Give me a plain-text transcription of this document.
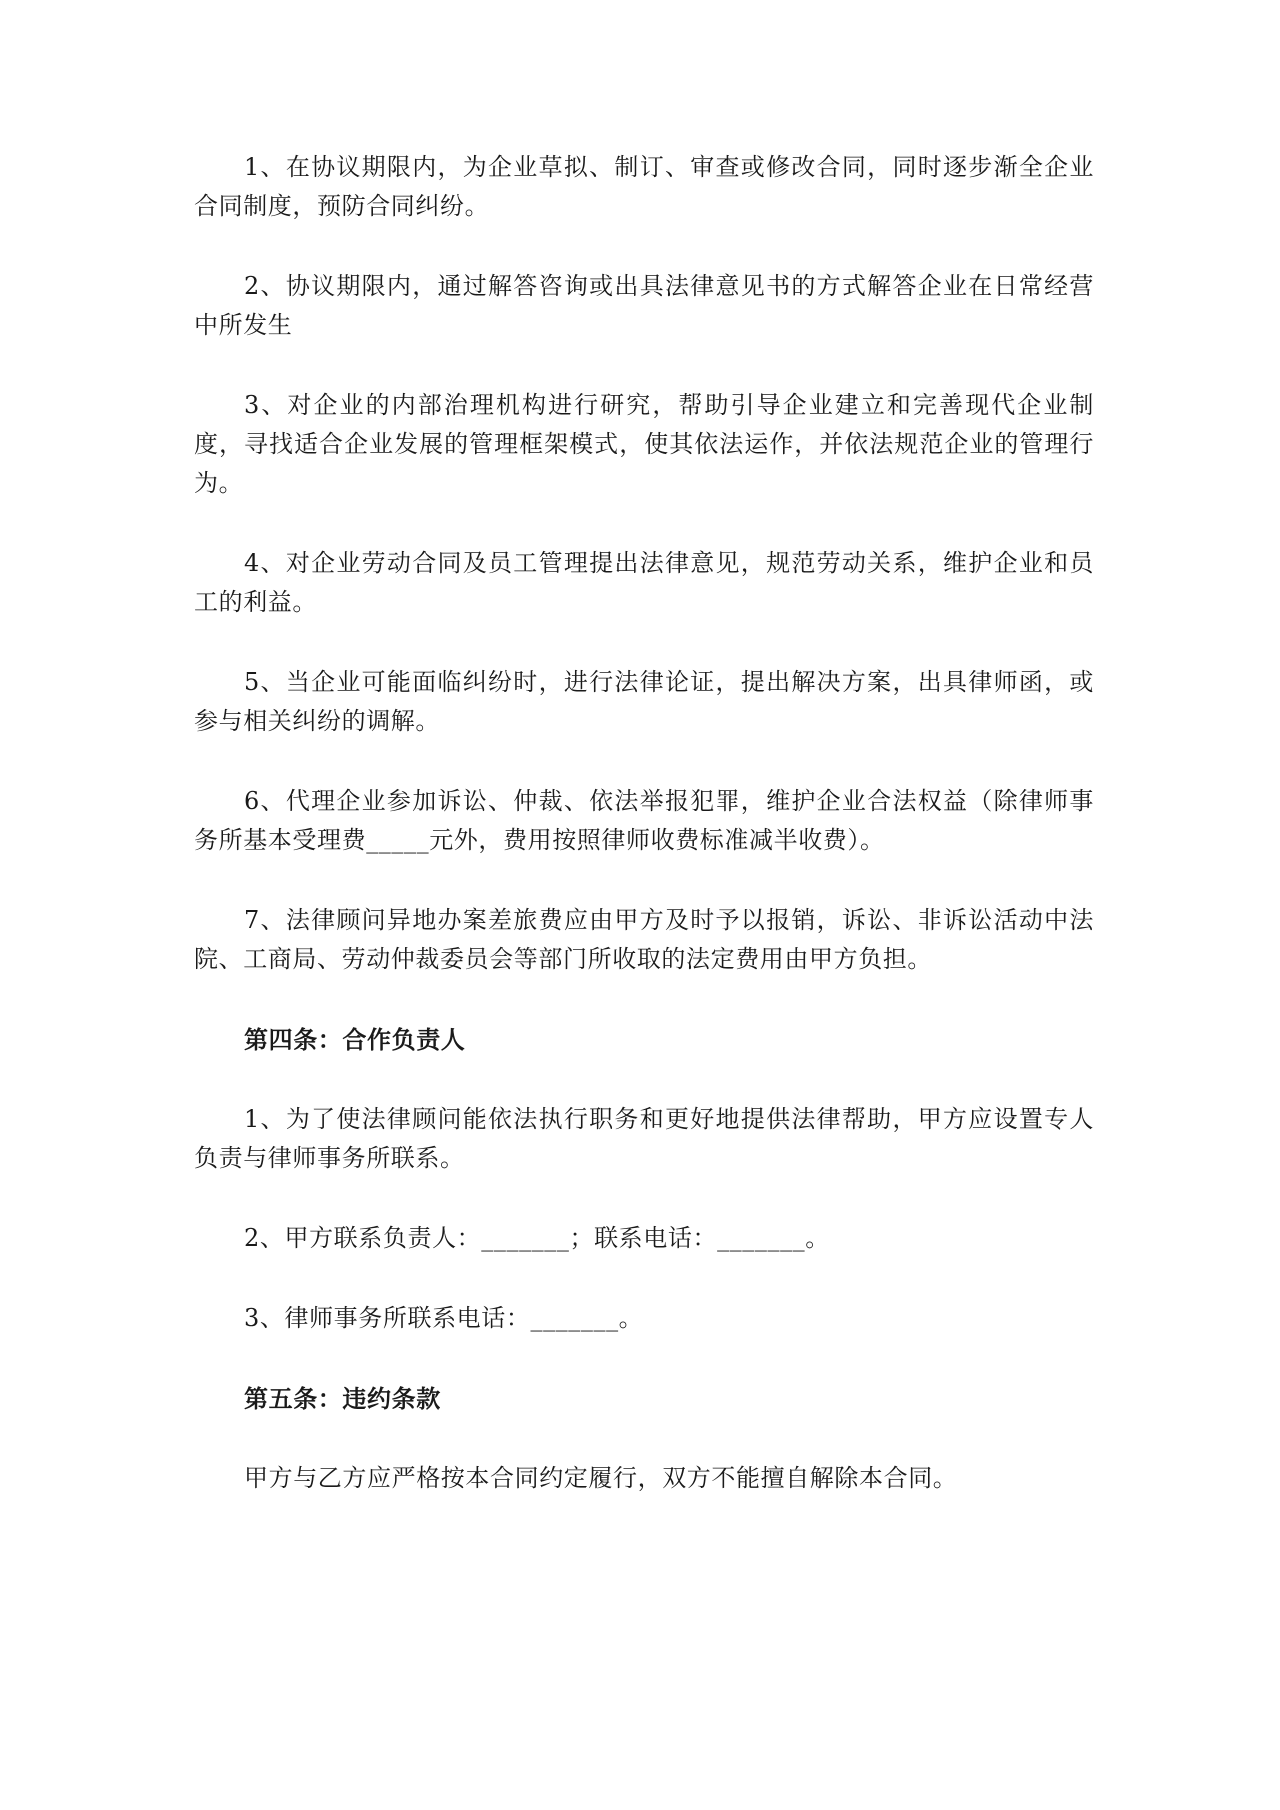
1、在协议期限内，为企业草拟、制订、审查或修改合同，同时逐步渐全企业合同制度，预防合同纠纷。

2、协议期限内，通过解答咨询或出具法律意见书的方式解答企业在日常经营中所发生

3、对企业的内部治理机构进行研究，帮助引导企业建立和完善现代企业制度，寻找适合企业发展的管理框架模式，使其依法运作，并依法规范企业的管理行为。

4、对企业劳动合同及员工管理提出法律意见，规范劳动关系，维护企业和员工的利益。

5、当企业可能面临纠纷时，进行法律论证，提出解决方案，出具律师函，或参与相关纠纷的调解。

6、代理企业参加诉讼、仲裁、依法举报犯罪，维护企业合法权益（除律师事务所基本受理费_____元外，费用按照律师收费标准减半收费）。

7、法律顾问异地办案差旅费应由甲方及时予以报销，诉讼、非诉讼活动中法院、工商局、劳动仲裁委员会等部门所收取的法定费用由甲方负担。

第四条：合作负责人

1、为了使法律顾问能依法执行职务和更好地提供法律帮助，甲方应设置专人负责与律师事务所联系。

2、甲方联系负责人：_______；联系电话：_______。

3、律师事务所联系电话：_______。

第五条：违约条款

甲方与乙方应严格按本合同约定履行，双方不能擅自解除本合同。
